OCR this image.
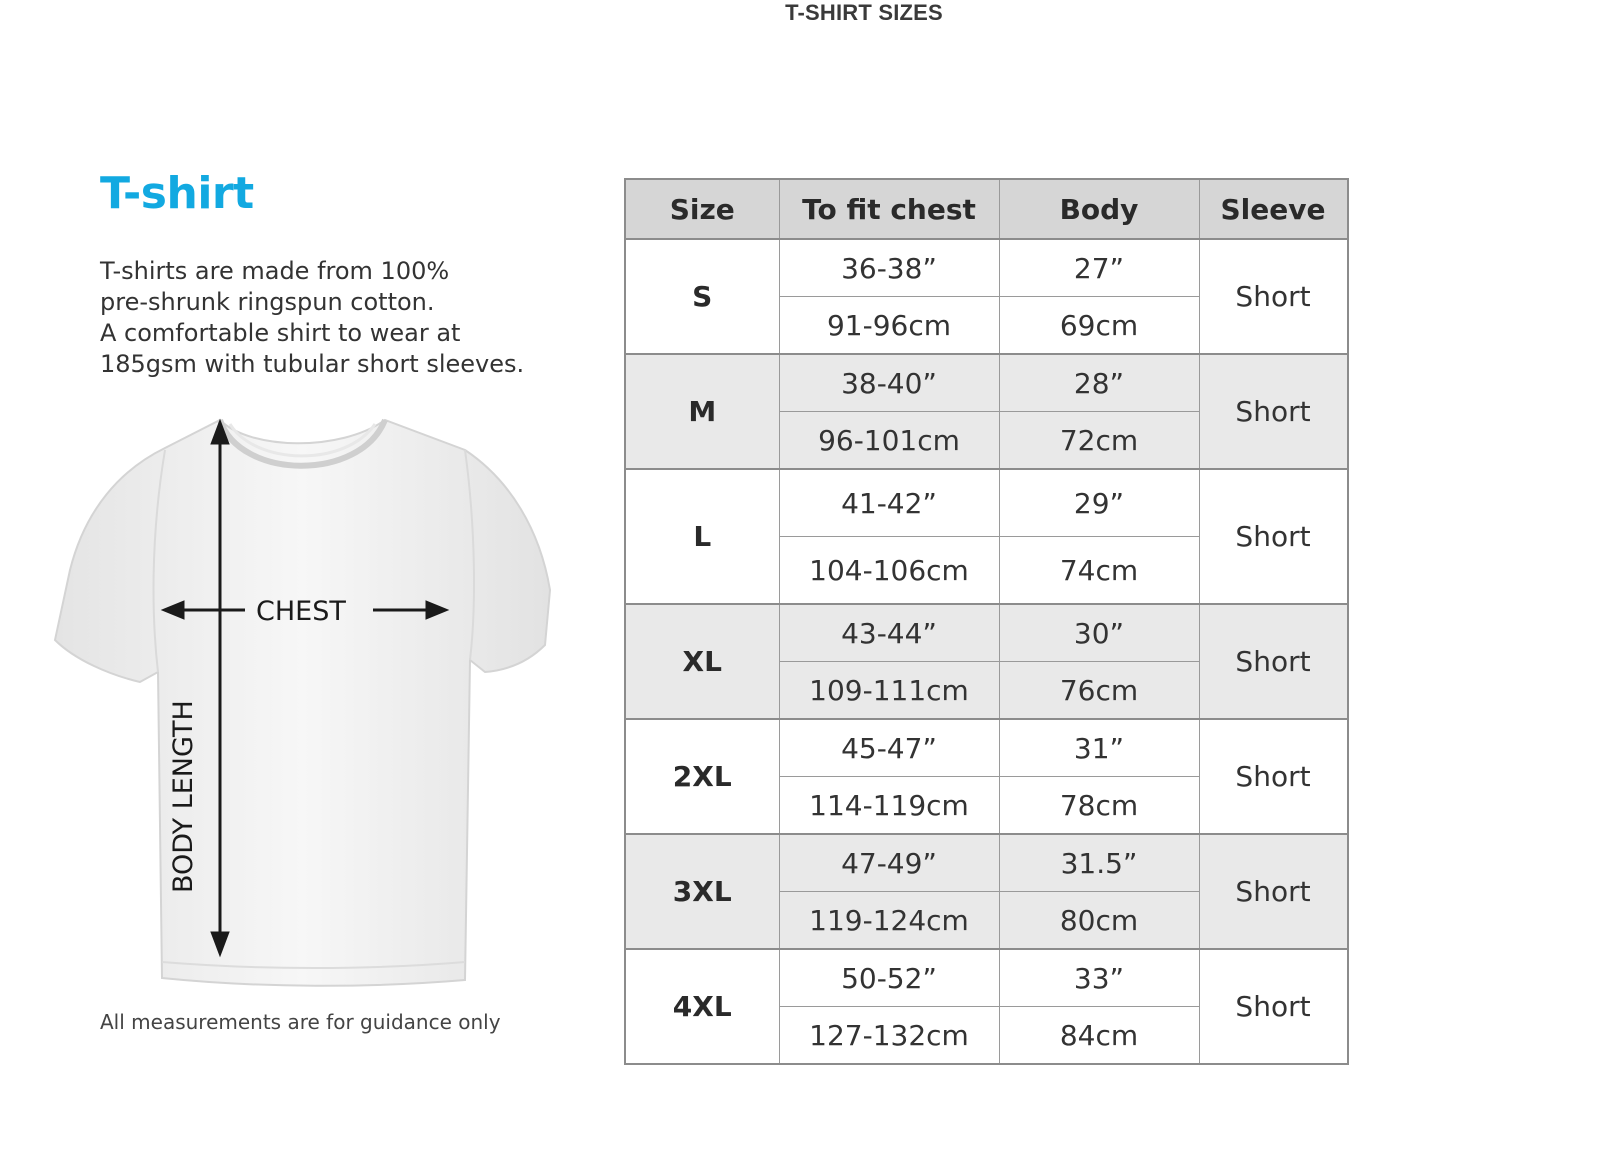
T-SHIRT SIZES
T-shirt

T-shirts are made from 100%

pre-shrunk ringspun cotton.

A comfortable shirt to wear at

185gsm with tubular short sleeves.

BODY LENGTH
CHEST
All measurements are for guidance only
Size	To fit chest	Body	Sleeve
S	36-38”	27”	Short
	91-96cm	69cm	
M	38-40”	28”	Short
	96-101cm	72cm	
L	41-42”	29”	Short
	104-106cm	74cm	
XL	43-44”	30”	Short
	109-111cm	76cm	
2XL	45-47”	31”	Short
	114-119cm	78cm	
3XL	47-49”	31.5”	Short
	119-124cm	80cm	
4XL	50-52”	33”	Short
	127-132cm	84cm	
